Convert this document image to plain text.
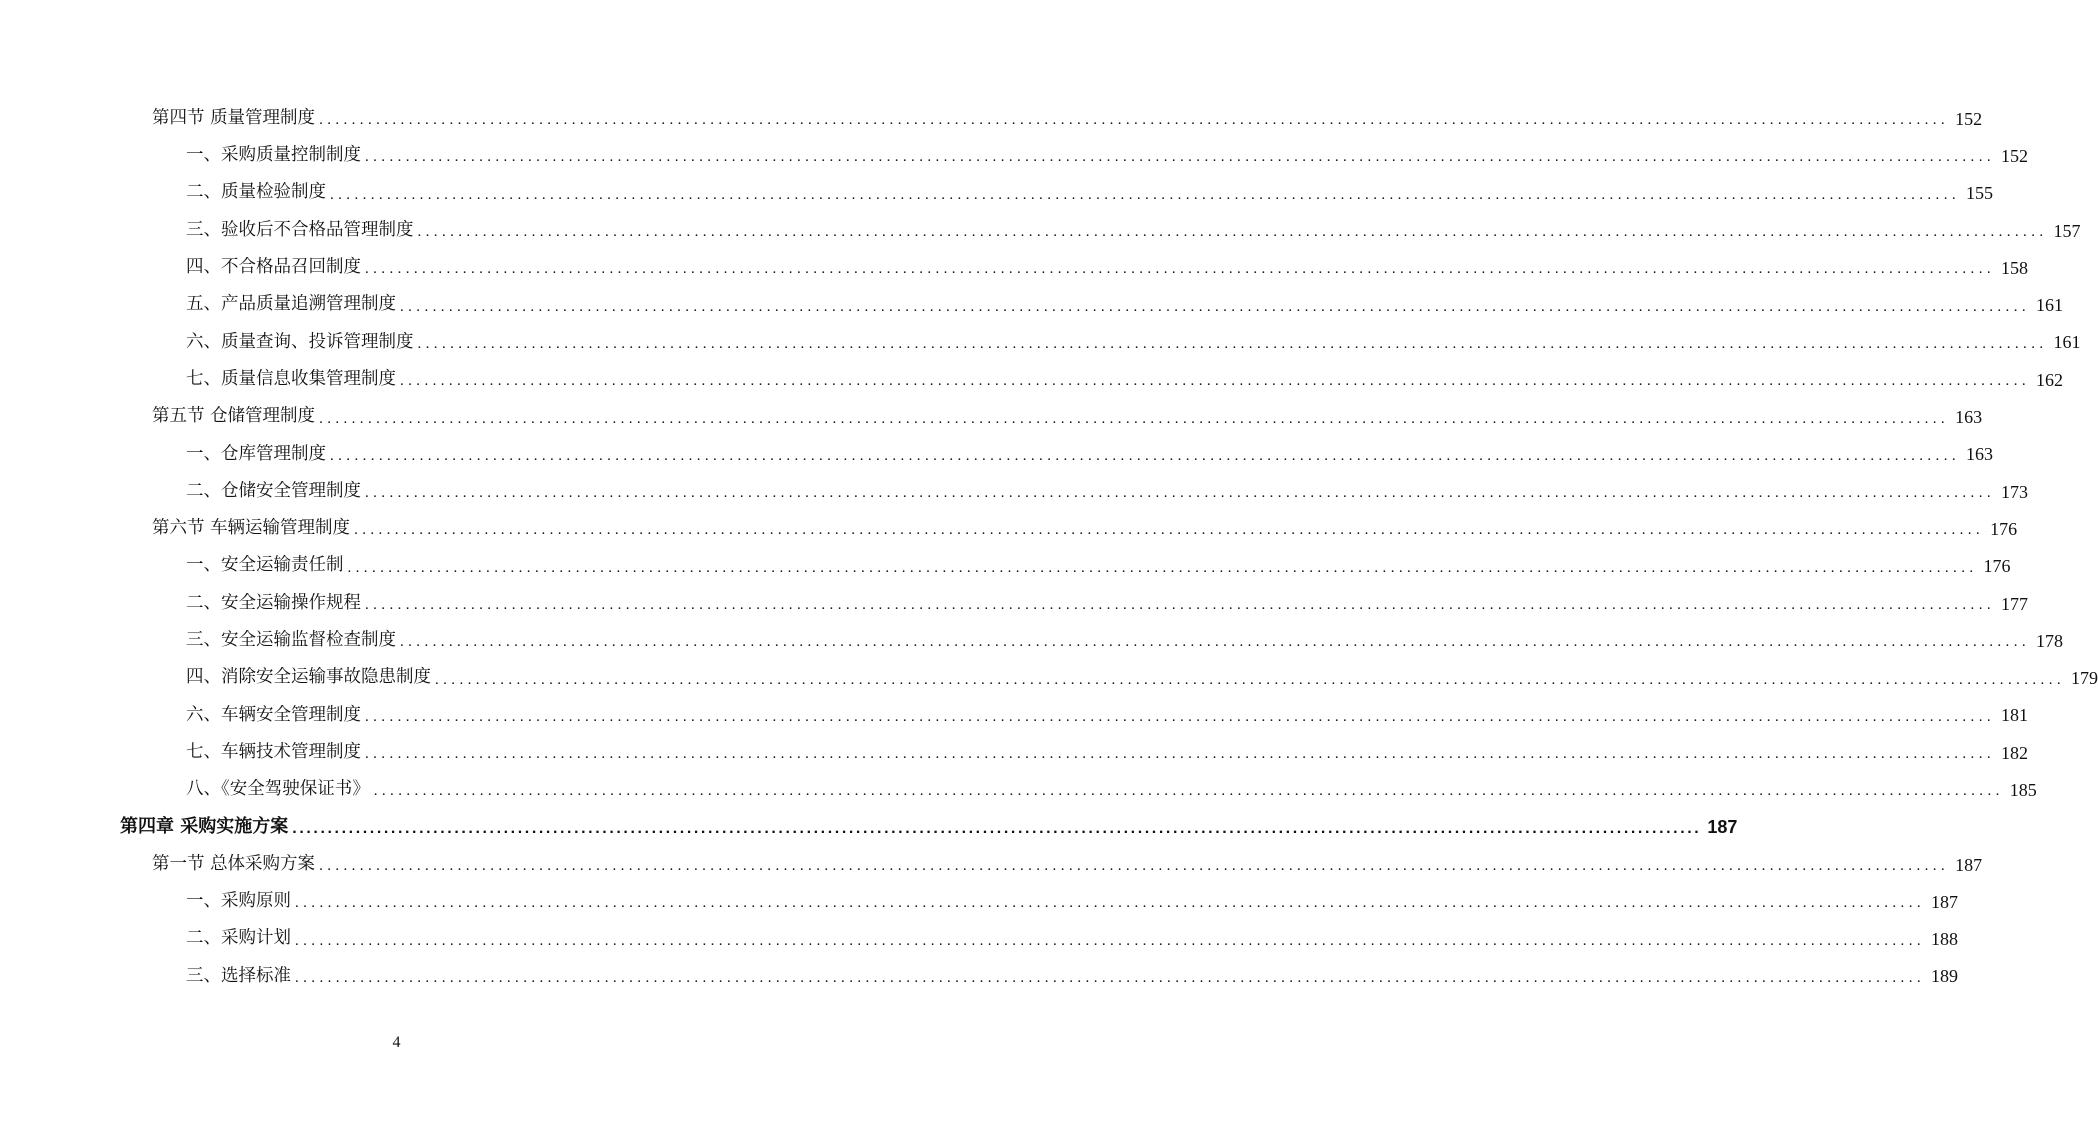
第四节 质量管理制度 ........................................................................................................................................................................................................ 152
一、采购质量控制制度 ........................................................................................................................................................................................................ 152
二、质量检验制度 ........................................................................................................................................................................................................ 155
三、验收后不合格品管理制度 ........................................................................................................................................................................................................ 157
四、不合格品召回制度 ........................................................................................................................................................................................................ 158
五、产品质量追溯管理制度 ........................................................................................................................................................................................................ 161
六、质量查询、投诉管理制度 ........................................................................................................................................................................................................ 161
七、质量信息收集管理制度 ........................................................................................................................................................................................................ 162
第五节 仓储管理制度 ........................................................................................................................................................................................................ 163
一、仓库管理制度 ........................................................................................................................................................................................................ 163
二、仓储安全管理制度 ........................................................................................................................................................................................................ 173
第六节 车辆运输管理制度 ........................................................................................................................................................................................................ 176
一、安全运输责任制 ........................................................................................................................................................................................................ 176
二、安全运输操作规程 ........................................................................................................................................................................................................ 177
三、安全运输监督检查制度 ........................................................................................................................................................................................................ 178
四、消除安全运输事故隐患制度 ........................................................................................................................................................................................................ 179
六、车辆安全管理制度 ........................................................................................................................................................................................................ 181
七、车辆技术管理制度 ........................................................................................................................................................................................................ 182
八、《安全驾驶保证书》 ........................................................................................................................................................................................................ 185
第四章 采购实施方案 ........................................................................................................................................................................................................ 187
第一节 总体采购方案 ........................................................................................................................................................................................................ 187
一、采购原则 ........................................................................................................................................................................................................ 187
二、采购计划 ........................................................................................................................................................................................................ 188
三、选择标准 ........................................................................................................................................................................................................ 189
4
